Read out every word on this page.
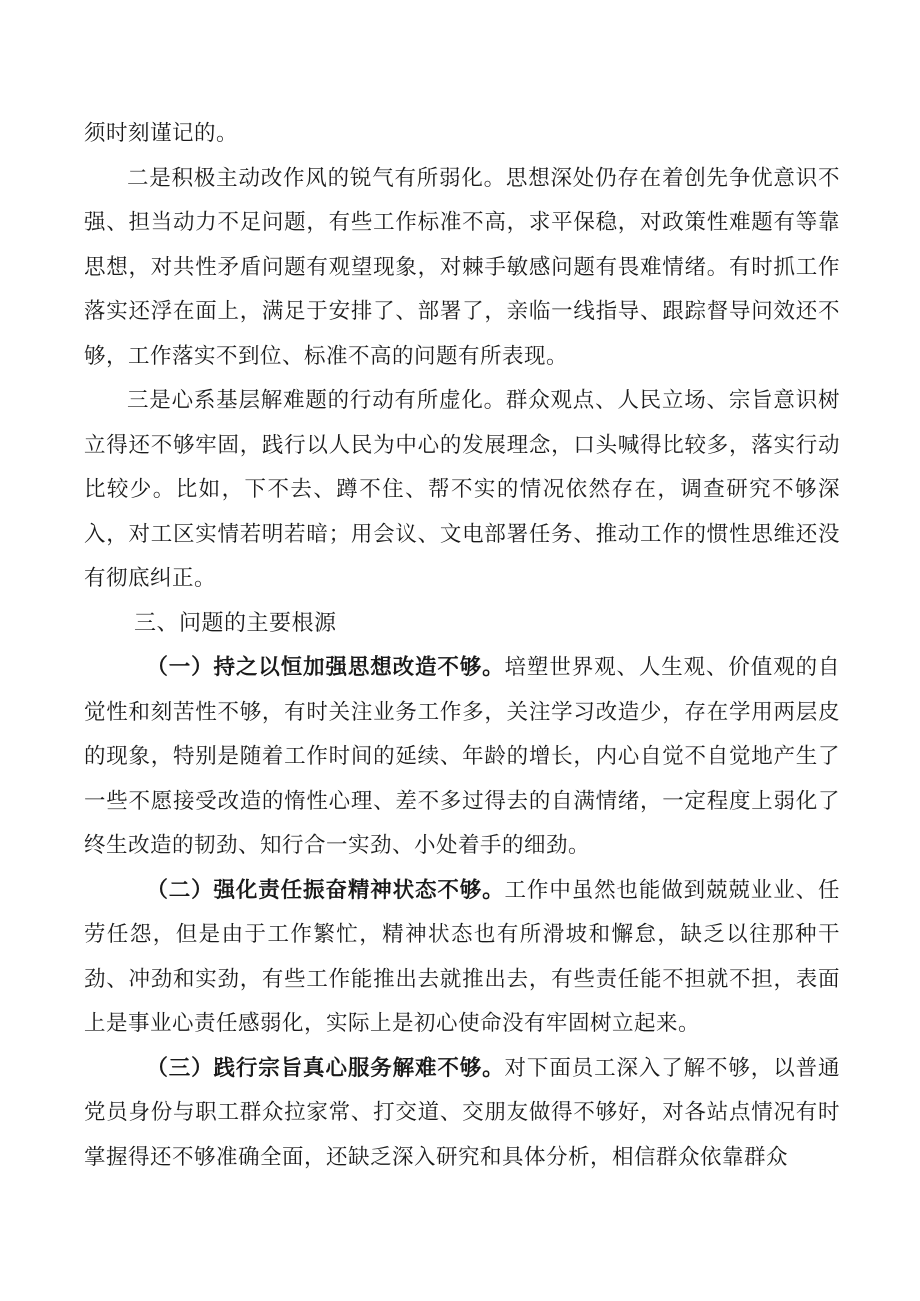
须时刻谨记的。

二是积极主动改作风的锐气有所弱化。思想深处仍存在着创先争优意识不强、担当动力不足问题，有些工作标准不高，求平保稳，对政策性难题有等靠思想，对共性矛盾问题有观望现象，对棘手敏感问题有畏难情绪。有时抓工作落实还浮在面上，满足于安排了、部署了，亲临一线指导、跟踪督导问效还不够，工作落实不到位、标准不高的问题有所表现。

三是心系基层解难题的行动有所虚化。群众观点、人民立场、宗旨意识树立得还不够牢固，践行以人民为中心的发展理念，口头喊得比较多，落实行动比较少。比如，下不去、蹲不住、帮不实的情况依然存在，调查研究不够深入，对工区实情若明若暗；用会议、文电部署任务、推动工作的惯性思维还没有彻底纠正。

三、问题的主要根源

（一）持之以恒加强思想改造不够。培塑世界观、人生观、价值观的自觉性和刻苦性不够，有时关注业务工作多，关注学习改造少，存在学用两层皮的现象，特别是随着工作时间的延续、年龄的增长，内心自觉不自觉地产生了一些不愿接受改造的惰性心理、差不多过得去的自满情绪，一定程度上弱化了终生改造的韧劲、知行合一实劲、小处着手的细劲。

（二）强化责任振奋精神状态不够。工作中虽然也能做到兢兢业业、任劳任怨，但是由于工作繁忙，精神状态也有所滑坡和懈怠，缺乏以往那种干劲、冲劲和实劲，有些工作能推出去就推出去，有些责任能不担就不担，表面上是事业心责任感弱化，实际上是初心使命没有牢固树立起来。

（三）践行宗旨真心服务解难不够。对下面员工深入了解不够，以普通党员身份与职工群众拉家常、打交道、交朋友做得不够好，对各站点情况有时掌握得还不够准确全面，还缺乏深入研究和具体分析，相信群众依靠群众
